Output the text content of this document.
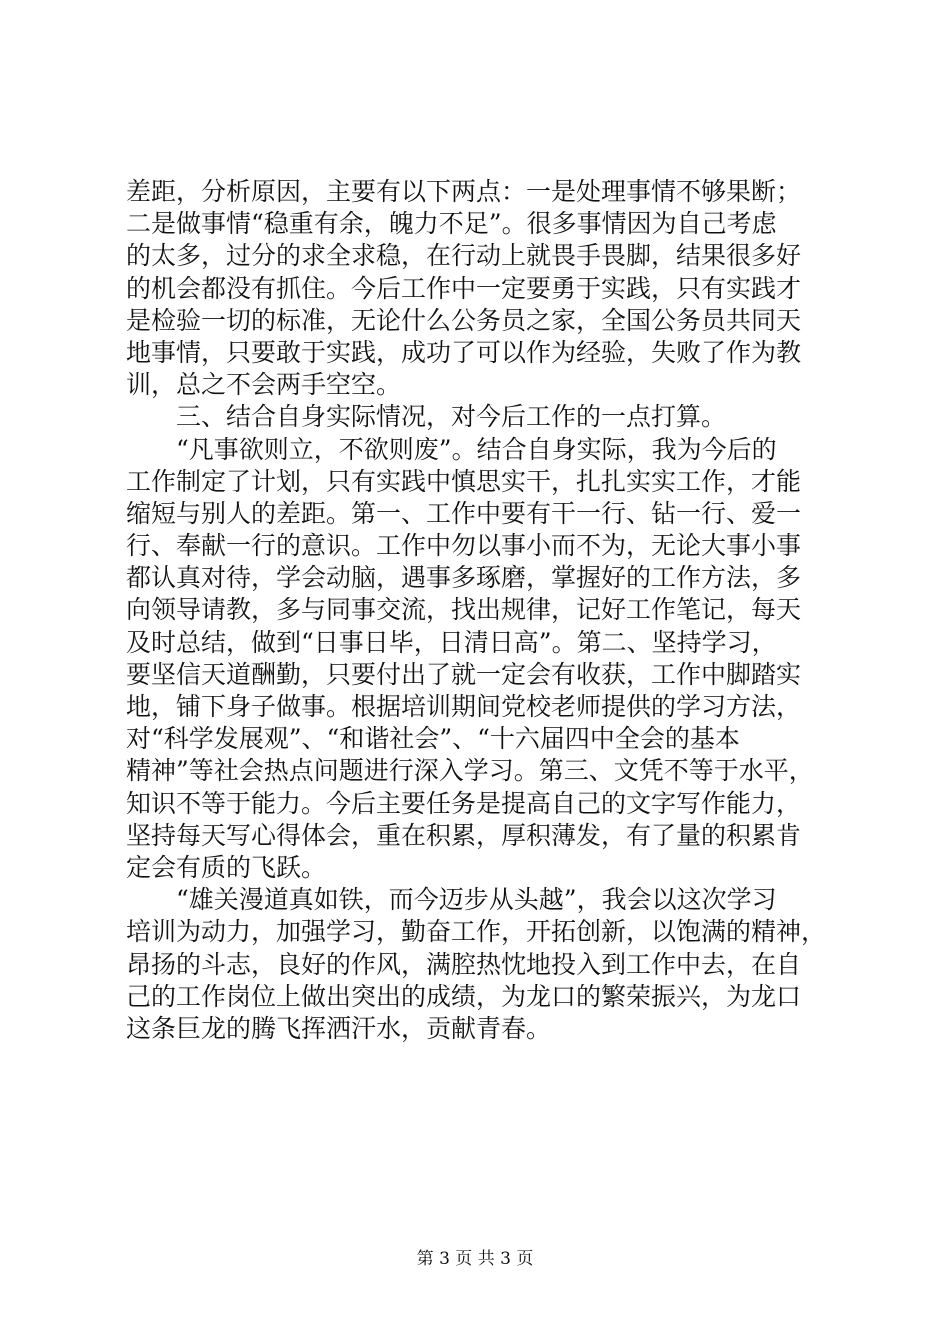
差距，分析原因，主要有以下两点：一是处理事情不够果断；
二是做事情“稳重有余，魄力不足”。很多事情因为自己考虑
的太多，过分的求全求稳，在行动上就畏手畏脚，结果很多好
的机会都没有抓住。今后工作中一定要勇于实践，只有实践才
是检验一切的标准，无论什么公务员之家，全国公务员共同天
地事情，只要敢于实践，成功了可以作为经验，失败了作为教
训，总之不会两手空空。
　　三、结合自身实际情况，对今后工作的一点打算。
　　“凡事欲则立，不欲则废”。结合自身实际，我为今后的
工作制定了计划，只有实践中慎思实干，扎扎实实工作，才能
缩短与别人的差距。第一、工作中要有干一行、钻一行、爱一
行、奉献一行的意识。工作中勿以事小而不为，无论大事小事
都认真对待，学会动脑，遇事多琢磨，掌握好的工作方法，多
向领导请教，多与同事交流，找出规律，记好工作笔记，每天
及时总结，做到“日事日毕，日清日高”。第二、坚持学习，
要坚信天道酬勤，只要付出了就一定会有收获，工作中脚踏实
地，铺下身子做事。根据培训期间党校老师提供的学习方法，
对“科学发展观”、“和谐社会”、“十六届四中全会的基本
精神”等社会热点问题进行深入学习。第三、文凭不等于水平，
知识不等于能力。今后主要任务是提高自己的文字写作能力，
坚持每天写心得体会，重在积累，厚积薄发，有了量的积累肯
定会有质的飞跃。
　　“雄关漫道真如铁，而今迈步从头越”，我会以这次学习
培训为动力，加强学习，勤奋工作，开拓创新，以饱满的精神，
昂扬的斗志，良好的作风，满腔热忱地投入到工作中去，在自
己的工作岗位上做出突出的成绩，为龙口的繁荣振兴，为龙口
这条巨龙的腾飞挥洒汗水，贡献青春。
第 3 页 共 3 页
